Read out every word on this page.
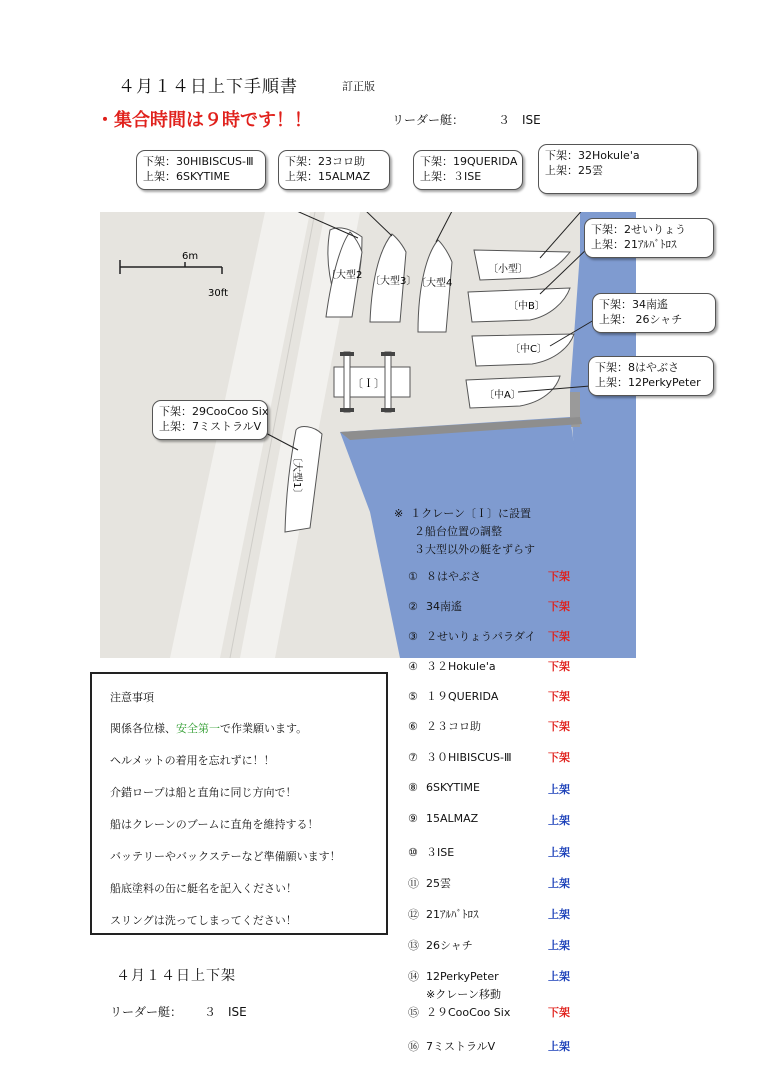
４月１４日上下手順書	訂正版
・集合時間は９時です！！	リーダー艇：	３　ISE
6m
30ft
〔Ｉ〕
〔大型2
〔大型3〕 〔大型4
〔大型1〕
〔小型〕
〔中B〕
〔中C〕
〔中A〕
下架：30HIBISCUS-Ⅲ
上架：6SKYTIME
下架：23コロ助
上架：15ALMAZ
下架：19QUERIDA
上架：３ISE
下架：32Hokule'a
上架：25雲
下架：2せいりょう
上架：21ｱﾙﾊﾞﾄﾛｽ
下架：34南遙
上架： 26シャチ
下架：8はやぶさ
上架：12PerkyPeter
下架：29CooCoo Six
上架：7ミストラルV
※ １クレーン〔Ｉ〕に設置
２船台位置の調整
３大型以外の艇をずらす
① ８はやぶさ	下架
② 34南遙	下架
③ ２せいりょうパラダイ 下架
④ ３２Hokule'a	下架
⑤ １９QUERIDA	下架
⑥ ２３コロ助	下架
⑦ ３０HIBISCUS-Ⅲ	下架
⑧ 6SKYTIME	上架
⑨ 15ALMAZ	上架
⑩ ３ISE	上架
⑪ 25雲	上架
⑫ 21ｱﾙﾊﾞﾄﾛｽ	上架
⑬ 26シャチ	上架
⑭ 12PerkyPeter	上架
※クレーン移動
⑮ ２９CooCoo Six	下架
⑯ 7ミストラルV	上架
注意事項
関係各位様、安全第一で作業願います。
ヘルメットの着用を忘れずに！！
介錯ロープは船と直角に同じ方向で！
船はクレーンのブームに直角を維持する！
バッテリーやバックステーなど準備願います！
船底塗料の缶に艇名を記入ください！
スリングは洗ってしまってください！
４月１４日上下架
リーダー艇： ３　ISE
